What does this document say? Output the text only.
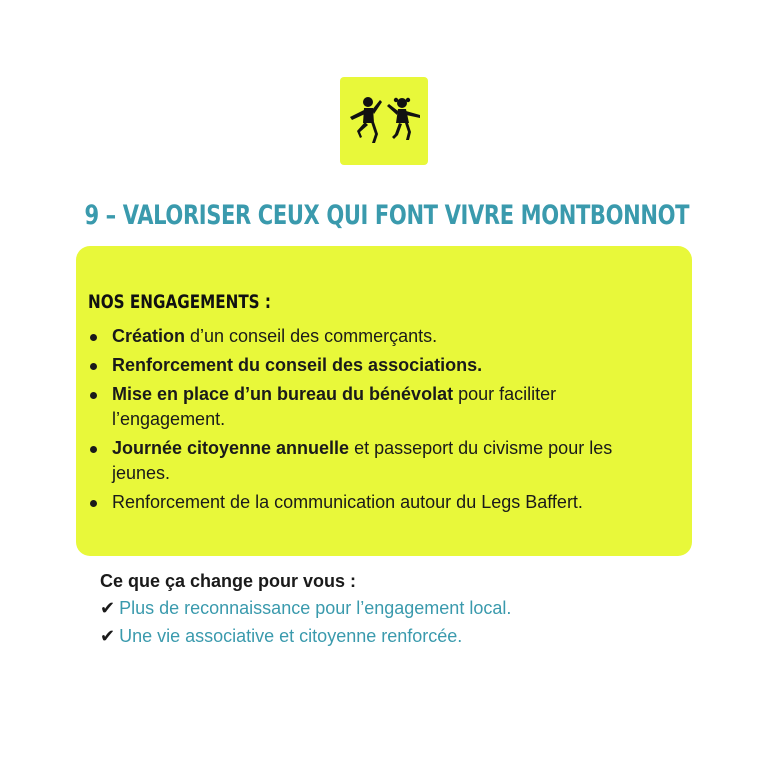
9 – VALORISER CEUX QUI FONT VIVRE MONTBONNOT
NOS ENGAGEMENTS :
Création d’un conseil des commerçants.
Renforcement du conseil des associations.
Mise en place d’un bureau du bénévolat pour faciliter l’engagement.
Journée citoyenne annuelle et passeport du civisme pour les jeunes.
Renforcement de la communication autour du Legs Baffert.
Ce que ça change pour vous :
✔ Plus de reconnaissance pour l’engagement local.
✔ Une vie associative et citoyenne renforcée.
